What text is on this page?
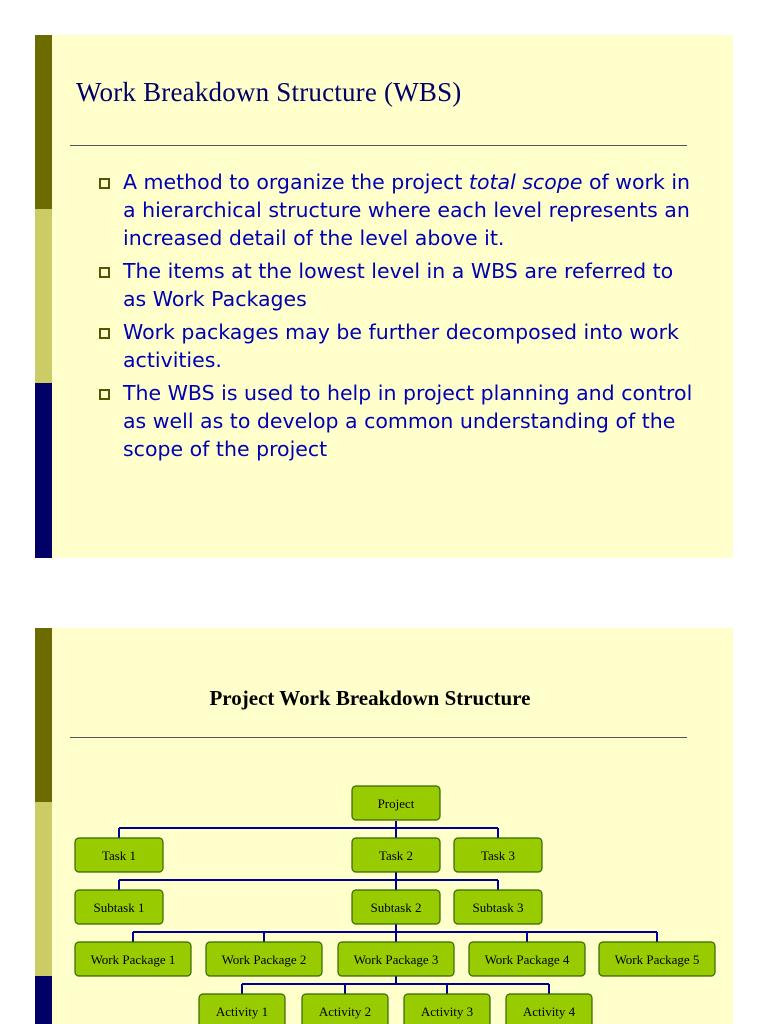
Work Breakdown Structure (WBS)
A method to organize the project total scope of work in a hierarchical structure where each level represents an increased detail of the level above it.
The items at the lowest level in a WBS are referred to as Work Packages
Work packages may be further decomposed into work activities.
The WBS is used to help in project planning and control as well as to develop a common understanding of the scope of the project
Project Work Breakdown Structure
Project
Task 1	Task 2	Task 3
Subtask 1	Subtask 2	Subtask 3
Work Package 1	Work Package 2	Work Package 3	Work Package 4	Work Package 5
Activity 1	Activity 2	Activity 3	Activity 4
